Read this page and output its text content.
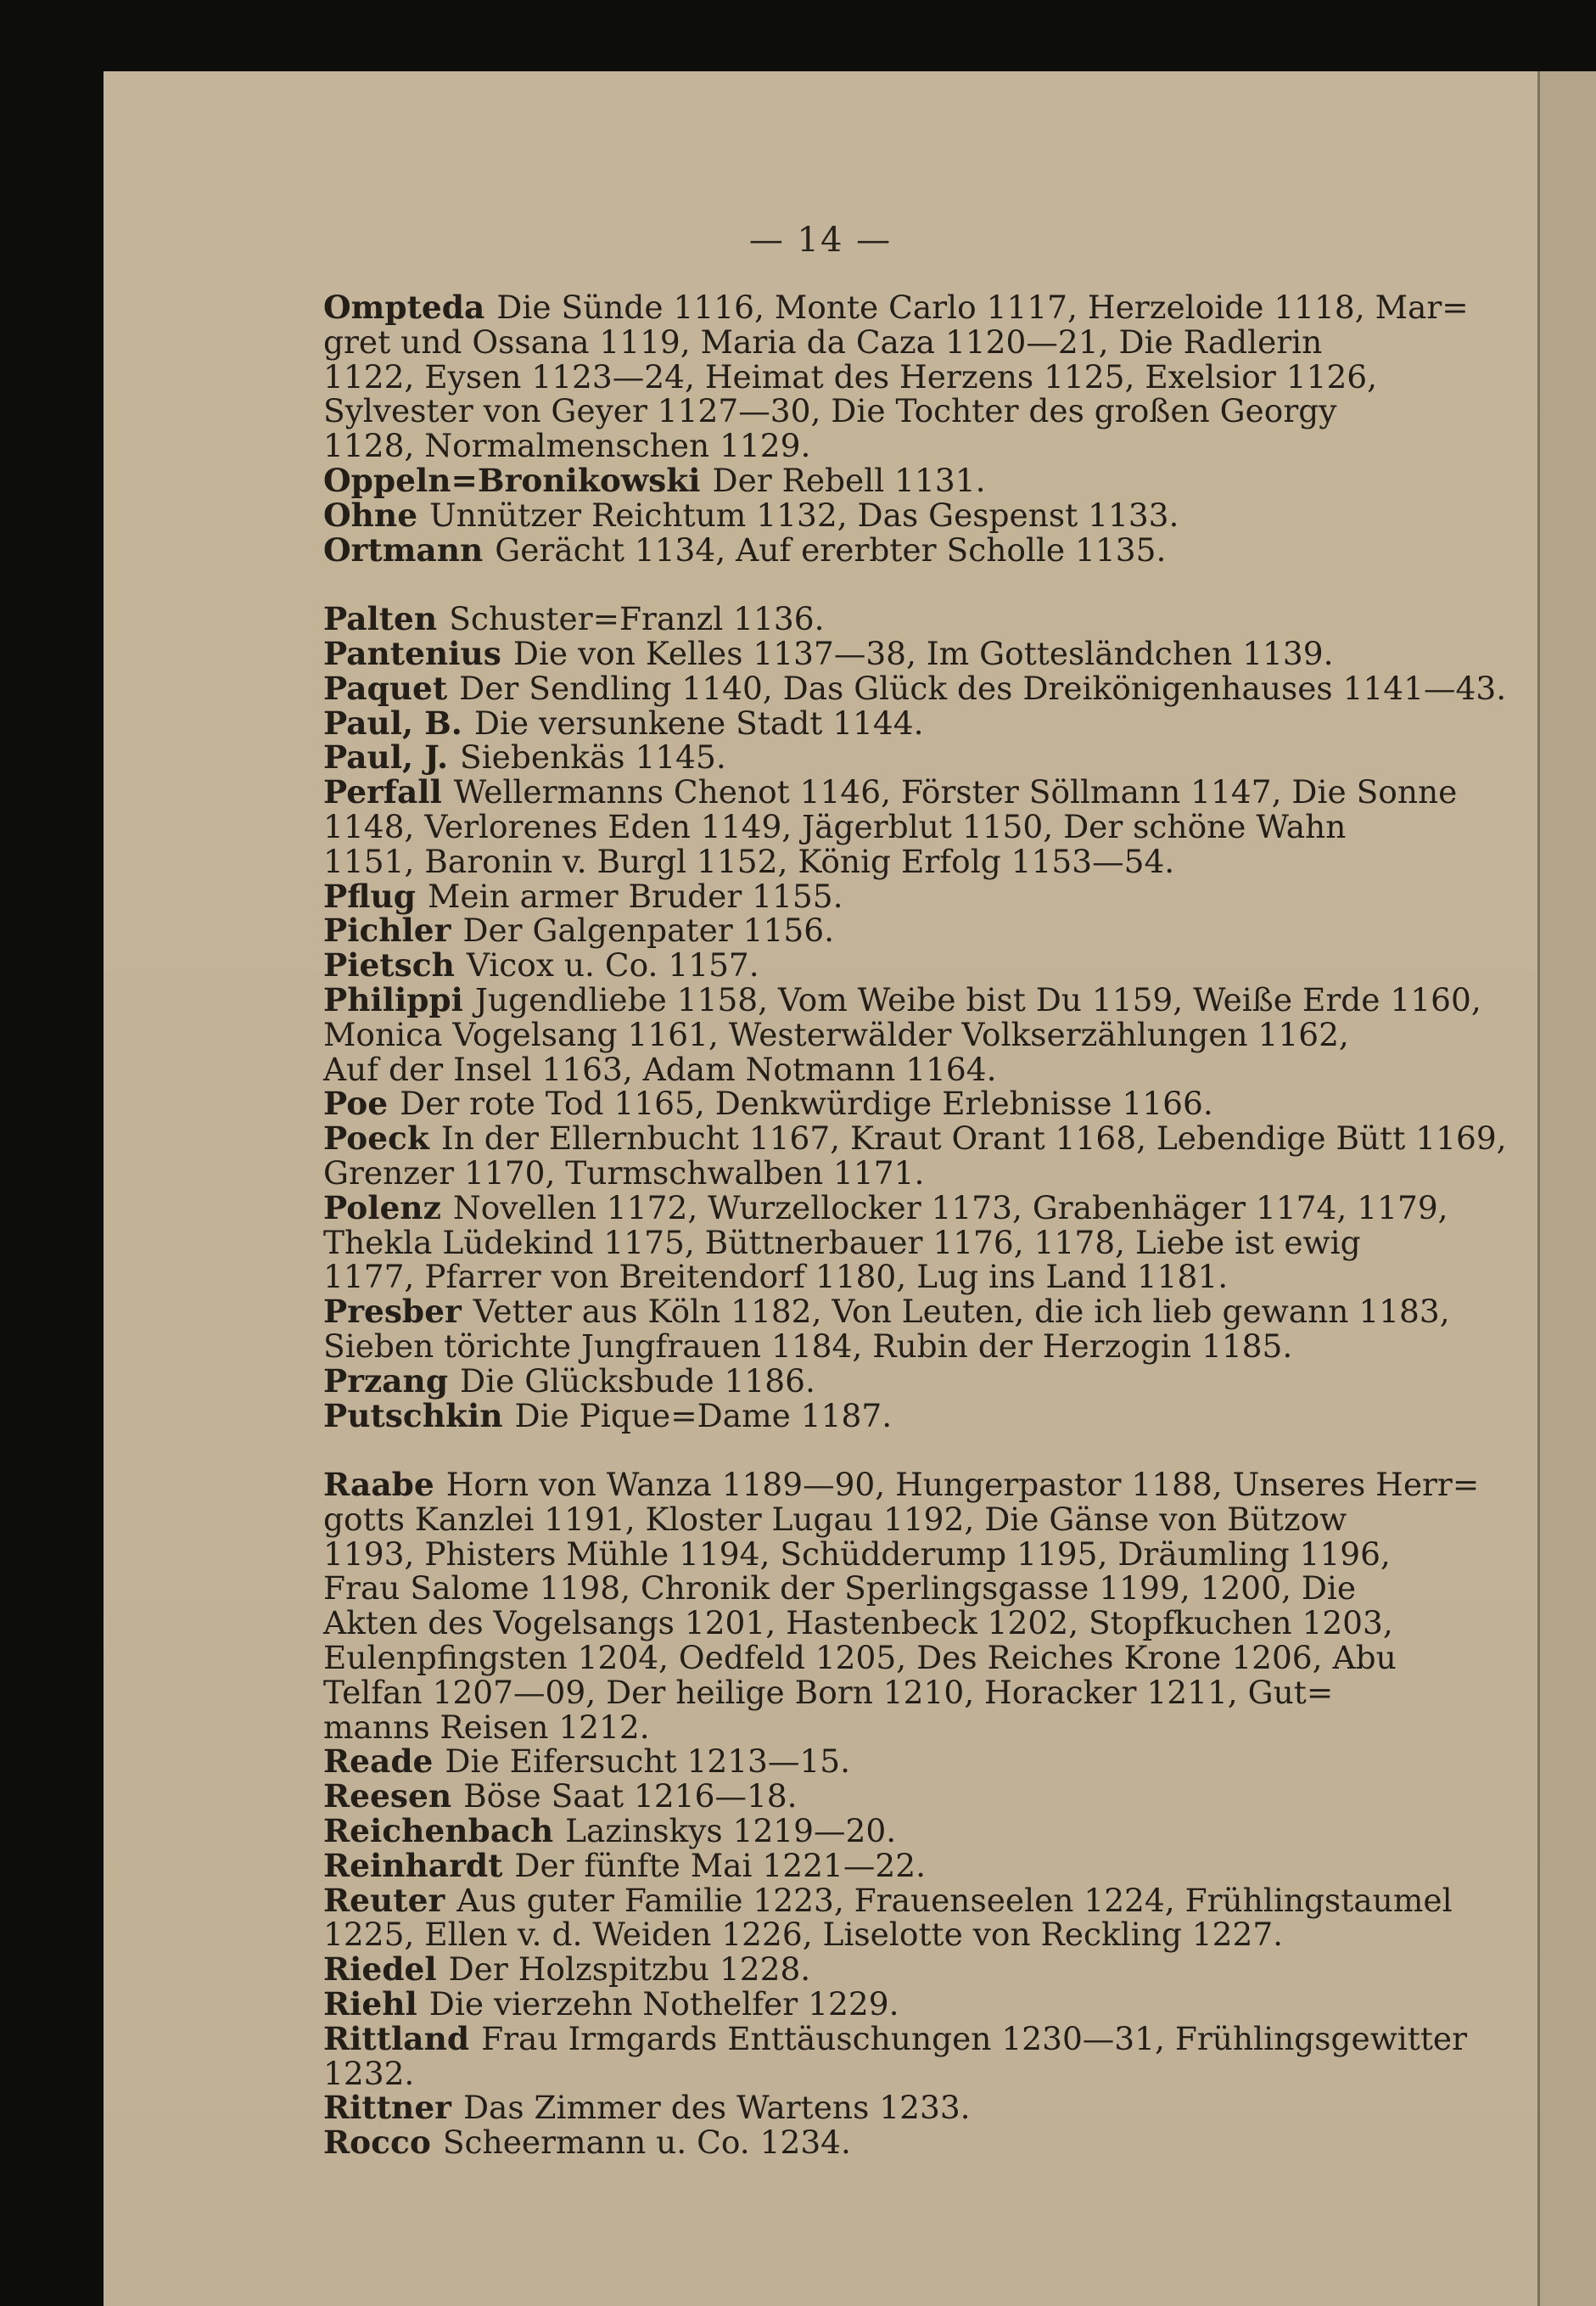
— 14 —
Ompteda Die Sünde 1116, Monte Carlo 1117, Herzeloide 1118, Mar=
gret und Ossana 1119, Maria da Caza 1120—21, Die Radlerin
1122, Eysen 1123—24, Heimat des Herzens 1125, Exelsior 1126,
Sylvester von Geyer 1127—30, Die Tochter des großen Georgy
1128, Normalmenschen 1129.
Oppeln=Bronikowski Der Rebell 1131.
Ohne Unnützer Reichtum 1132, Das Gespenst 1133.
Ortmann Gerächt 1134, Auf ererbter Scholle 1135.
Palten Schuster=Franzl 1136.
Pantenius Die von Kelles 1137—38, Im Gottesländchen 1139.
Paquet Der Sendling 1140, Das Glück des Dreikönigenhauses 1141—43.
Paul, B. Die versunkene Stadt 1144.
Paul, J. Siebenkäs 1145.
Perfall Wellermanns Chenot 1146, Förster Söllmann 1147, Die Sonne
1148, Verlorenes Eden 1149, Jägerblut 1150, Der schöne Wahn
1151, Baronin v. Burgl 1152, König Erfolg 1153—54.
Pflug Mein armer Bruder 1155.
Pichler Der Galgenpater 1156.
Pietsch Vicox u. Co. 1157.
Philippi Jugendliebe 1158, Vom Weibe bist Du 1159, Weiße Erde 1160,
Monica Vogelsang 1161, Westerwälder Volkserzählungen 1162,
Auf der Insel 1163, Adam Notmann 1164.
Poe Der rote Tod 1165, Denkwürdige Erlebnisse 1166.
Poeck In der Ellernbucht 1167, Kraut Orant 1168, Lebendige Bütt 1169,
Grenzer 1170, Turmschwalben 1171.
Polenz Novellen 1172, Wurzellocker 1173, Grabenhäger 1174, 1179,
Thekla Lüdekind 1175, Büttnerbauer 1176, 1178, Liebe ist ewig
1177, Pfarrer von Breitendorf 1180, Lug ins Land 1181.
Presber Vetter aus Köln 1182, Von Leuten, die ich lieb gewann 1183,
Sieben törichte Jungfrauen 1184, Rubin der Herzogin 1185.
Przang Die Glücksbude 1186.
Putschkin Die Pique=Dame 1187.
Raabe Horn von Wanza 1189—90, Hungerpastor 1188, Unseres Herr=
gotts Kanzlei 1191, Kloster Lugau 1192, Die Gänse von Bützow
1193, Phisters Mühle 1194, Schüdderump 1195, Dräumling 1196,
Frau Salome 1198, Chronik der Sperlingsgasse 1199, 1200, Die
Akten des Vogelsangs 1201, Hastenbeck 1202, Stopfkuchen 1203,
Eulenpfingsten 1204, Oedfeld 1205, Des Reiches Krone 1206, Abu
Telfan 1207—09, Der heilige Born 1210, Horacker 1211, Gut=
manns Reisen 1212.
Reade Die Eifersucht 1213—15.
Reesen Böse Saat 1216—18.
Reichenbach Lazinskys 1219—20.
Reinhardt Der fünfte Mai 1221—22.
Reuter Aus guter Familie 1223, Frauenseelen 1224, Frühlingstaumel
1225, Ellen v. d. Weiden 1226, Liselotte von Reckling 1227.
Riedel Der Holzspitzbu 1228.
Riehl Die vierzehn Nothelfer 1229.
Rittland Frau Irmgards Enttäuschungen 1230—31, Frühlingsgewitter
1232.
Rittner Das Zimmer des Wartens 1233.
Rocco Scheermann u. Co. 1234.
